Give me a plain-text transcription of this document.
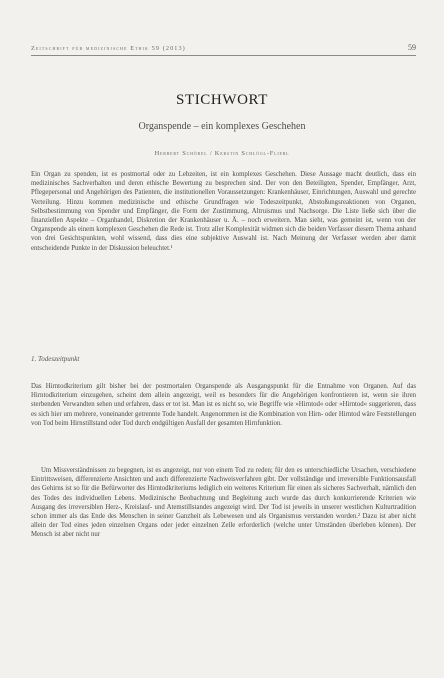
Zeitschrift für medizinische Ethik 59 (2013)	59
STICHWORT
Organspende – ein komplexes Geschehen
Herbert Schöbel / Kerstin Schlögl-Flierl

Ein Organ zu spenden, ist es postmortal oder zu Lebzeiten, ist ein komplexes Geschehen. Diese Aussage macht deutlich, dass ein medizinisches Sachverhalten und deren ethische Bewertung zu besprechen sind. Der von den Beteiligten, Spender, Empfänger, Arzt, Pflegepersonal und Angehörigen des Patienten, die institutionellen Voraussetzungen: Krankenhäuser, Einrichtungen, Auswahl und gerechte Verteilung. Hinzu kommen medizinische und ethische Grundfragen wie Todeszeitpunkt, Abstoßungsreaktionen von Organen, Selbstbestimmung von Spender und Empfänger, die Form der Zustimmung, Altruismus und Nachsorge. Die Liste ließe sich über die finanziellen Aspekte – Organhandel, Diskretion der Krankenhäuser u. Ä. – noch erweitern. Man sieht, was gemeint ist, wenn von der Organspende als einem komplexen Geschehen die Rede ist. Trotz aller Komplexität widmen sich die beiden Verfasser diesem Thema anhand von drei Gesichtspunkten, wohl wissend, dass dies eine subjektive Auswahl ist. Nach Meinung der Verfasser werden aber damit entscheidende Punkte in der Diskussion beleuchtet.¹

1. Todeszeitpunkt

Das Hirntodkriterium gilt bisher bei der postmortalen Organspende als Ausgangspunkt für die Entnahme von Organen. Auf das Hirntodkriterium einzugehen, scheint dem allein angezeigt, weil es besonders für die Angehörigen konfrontieren ist, wenn sie ihren sterbenden Verwandten sehen und erfahren, dass er tot ist. Man ist es nicht so, wie Begriffe wie »Hirntod« oder »Hirntod« suggerieren, dass es sich hier um mehrere, voneinander getrennte Tode handelt. Angenommen ist die Kombination von Hirn- oder Hirntod wäre Feststellungen von Tod beim Hirnstillstand oder Tod durch endgültigen Ausfall der gesamten Hirnfunktion.

Um Missverständnissen zu begegnen, ist es angezeigt, nur von einem Tod zu reden; für den es unterschiedliche Ursachen, verschiedene Eintrittsweisen, differenzierte Ansichten und auch differenzierte Nachweisverfahren gibt. Der vollständige und irreversible Funktionsausfall des Gehirns ist so für die Befürworter des Hirntodkriteriums lediglich ein weiteres Kriterium für einen als sicheres Sachverhalt, nämlich den des Todes des individuellen Lebens. Medizinische Beobachtung und Begleitung auch wurde das durch konkurrierende Kriterien wie Ausgang des irreversiblen Herz-, Kreislauf- und Atemstillstandes angezeigt wird. Der Tod ist jeweils in unserer westlichen Kulturtradition schon immer als das Ende des Menschen in seiner Ganzheit als Lebewesen und als Organismus verstanden worden.² Dazu ist aber nicht allein der Tod eines jeden einzelnen Organs oder jeder einzelnen Zelle erforderlich (welche unter Umständen überleben können). Der Mensch ist aber nicht nur
